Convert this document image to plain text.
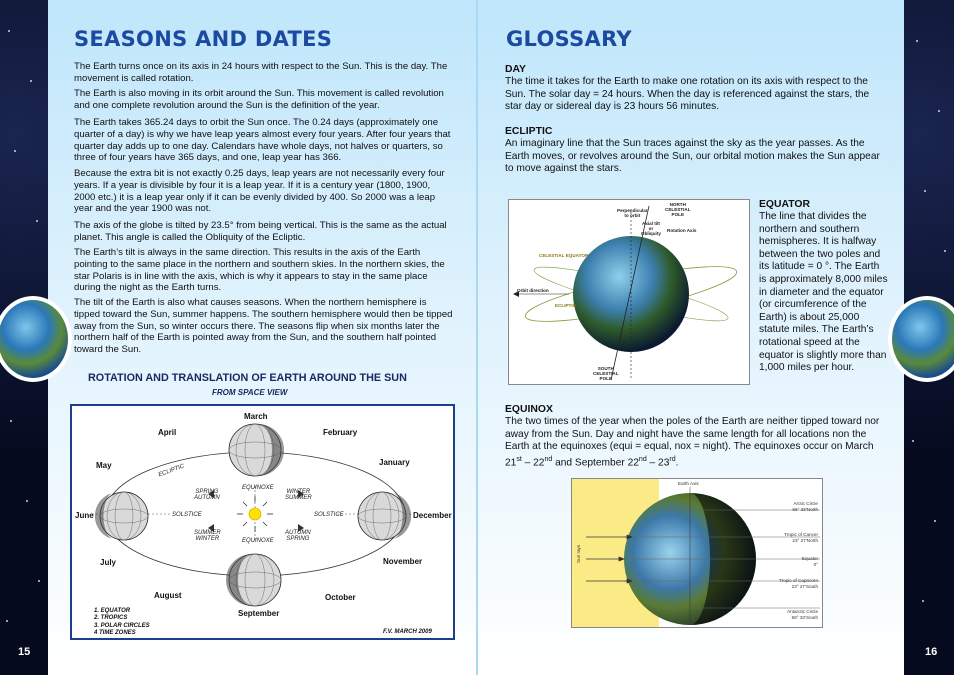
SEASONS AND DATES

The Earth turns once on its axis in 24 hours with respect to the Sun. This is the day. The movement is called rotation.

The Earth is also moving in its orbit around the Sun. This movement is called revolution and one complete revolution around the Sun is the definition of the year.

The Earth takes 365.24 days to orbit the Sun once. The 0.24 days (approximately one quarter of a day) is why we have leap years almost every four years. After four years that quarter day adds up to one day. Calendars have whole days, not halves or quarters, so three of four years have 365 days, and one, leap year has 366.

Because the extra bit is not exactly 0.25 days, leap years are not necessarily every four years. If a year is divisible by four it is a leap year. If it is a century year (1800, 1900, 2000 etc.) it is a leap year only if it can be evenly divided by 400. So 2000 was a leap year and the year 1900 was not.

The axis of the globe is tilted by 23.5° from being vertical. This is the same as the actual planet. This angle is called the Obliquity of the Ecliptic.

The Earth’s tilt is always in the same direction. This results in the axis of the Earth pointing to the same place in the northern and southern skies. In the northern skies, the star Polaris is in line with the axis, which is why it appears to stay in the same place during the night as the Earth turns.

The tilt of the Earth is also what causes seasons. When the northern hemisphere is tipped toward the Sun, summer happens. The southern hemisphere would then be tipped away from the Sun, so winter occurs there. The seasons flip when six months later the northern half of the Earth is pointed away from the Sun, and the southern half pointed toward the Sun.

ROTATION AND TRANSLATION OF EARTH AROUND THE SUN
FROM SPACE VIEW
March
April	February
May	January
June	December
July	November
August	October
September
ECLIPTIC
EQUINOXE
EQUINOXE
SOLSTICE	SOLSTICE
SPRING
AUTUMN
WINTER
SUMMER
SUMMER
WINTER
AUTUMN
SPRING
1. EQUATOR
2. TROPICS
3. POLAR CIRCLES
4 TIME ZONES	F.V. MARCH 2009
15
GLOSSARY
DAY

The time it takes for the Earth to make one rotation on its axis with respect to the Sun. The solar day = 24 hours. When the day is referenced against the stars, the star day or sidereal day is 23 hours 56 minutes.

ECLIPTIC

An imaginary line that the Sun traces against the sky as the year passes. As the Earth moves, or revolves around the Sun, our orbital motion makes the Sun appear to move against the stars.

Perpendicular
to orbit
NORTH
CELESTIAL
POLE
Axial tilt
or
Obliquity
Rotation Axis
CELESTIAL EQUATOR
Orbit direction
ECLIPTIC
SOUTH
CELESTIAL
POLE
EQUATOR

The line that divides the northern and southern hemispheres. It is halfway between the two poles and its latitude = 0 °. The Earth is approximately 8,000 miles in diameter and the equator (or circumference of the Earth) is about 25,000 statute miles. The Earth’s rotational speed at the equator is slightly more than 1,000 miles per hour.

EQUINOX

The two times of the year when the poles of the Earth are neither tipped toward nor away from the Sun. Day and night have the same length for all locations non the Earth at the equinoxes (equi = equal, nox = night). The equinoxes occur on March 21st – 22nd and September 22nd – 23rd.

Earth Axis
Sun rays
Arctic Circle
66° 33’North
Tropic of Cancer
23° 27’North
Equator
0°
Tropic of Capricorn
23° 27’South
Antarctic Circle
66° 33’South
16
